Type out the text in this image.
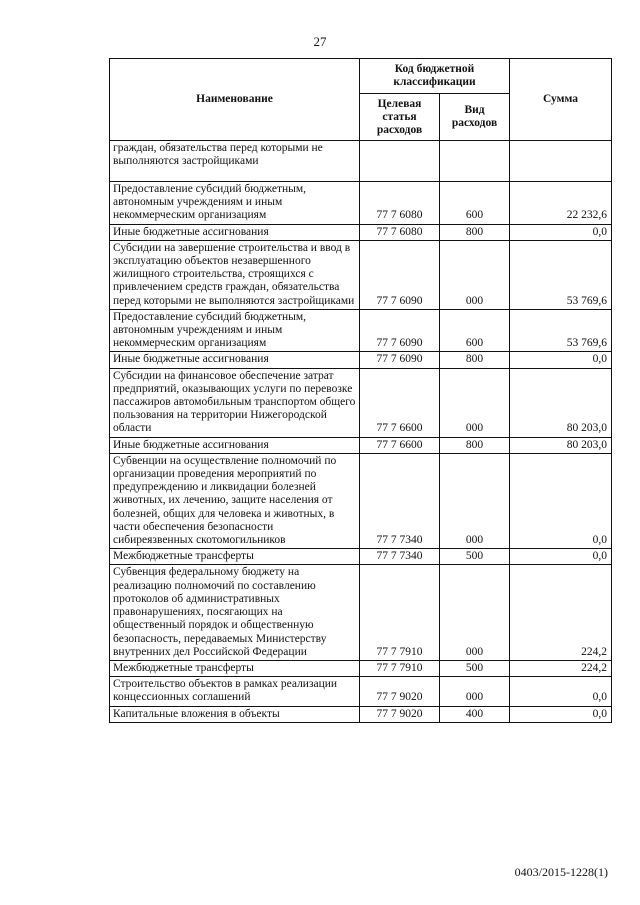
27
Наименование	Код бюджетной классификации		Сумма
	Целевая статья расходов	Вид расходов	
граждан, обязательства перед которыми не выполняются застройщиками			
Предоставление субсидий бюджетным, автономным учреждениям и иным некоммерческим организациям	77 7 6080	600	22 232,6
Иные бюджетные ассигнования	77 7 6080	800	0,0
Субсидии на завершение строительства и ввод в эксплуатацию объектов незавершенного жилищного строительства, строящихся с привлечением средств граждан, обязательства перед которыми не выполняются застройщиками	77 7 6090	000	53 769,6
Предоставление субсидий бюджетным, автономным учреждениям и иным некоммерческим организациям	77 7 6090	600	53 769,6
Иные бюджетные ассигнования	77 7 6090	800	0,0
Субсидии на финансовое обеспечение затрат предприятий, оказывающих услуги по перевозке пассажиров автомобильным транспортом общего пользования на территории Нижегородской области	77 7 6600	000	80 203,0
Иные бюджетные ассигнования	77 7 6600	800	80 203,0
Субвенции на осуществление полномочий по организации проведения мероприятий по предупреждению и ликвидации болезней животных, их лечению, защите населения от болезней, общих для человека и животных, в части обеспечения безопасности сибиреязвенных скотомогильников	77 7 7340	000	0,0
Межбюджетные трансферты	77 7 7340	500	0,0
Субвенция федеральному бюджету на реализацию полномочий по составлению протоколов об административных правонарушениях, посягающих на общественный порядок и общественную безопасность, передаваемых Министерству внутренних дел Российской Федерации	77 7 7910	000	224,2
Межбюджетные трансферты	77 7 7910	500	224,2
Строительство объектов в рамках реализации концессионных соглашений	77 7 9020	000	0,0
Капитальные вложения в объекты	77 7 9020	400	0,0
0403/2015-1228(1)
